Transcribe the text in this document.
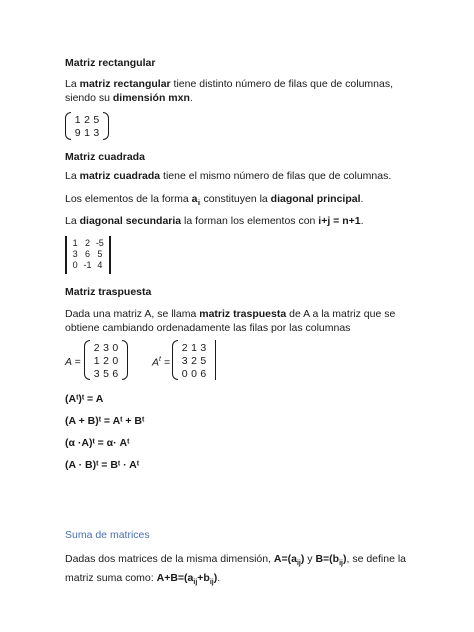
Matriz rectangular
La matriz rectangular tiene distinto número de filas que de columnas, siendo su dimensión mxn.
1 2 5
9 1 3
Matriz cuadrada
La matriz cuadrada tiene el mismo número de filas que de columnas.
Los elementos de la forma $a_{ii}$ constituyen la diagonal principal.
La diagonal secundaria la forman los elementos con i+j = n+1.
1 2 -5
3 6 5
0 -1 4
Matriz traspuesta
Dada una matriz A, se llama matriz traspuesta de A a la matriz que se obtiene cambiando ordenadamente las filas por las columnas
A =
2 3 0
1 2 0
3 5 6
$A^t$ =
2 1 3
3 2 5
0 0 6
(Aᵗ)ᵗ = A
(A + B)ᵗ = Aᵗ + Bᵗ
(α ·A)ᵗ = α· Aᵗ
(A · B)ᵗ = Bᵗ · Aᵗ
Suma de matrices
Dadas dos matrices de la misma dimensión, $A=(a_{ij})$ y $B=(b_{ij})$, se define la matriz suma como: $A+B=(a_{ij}+b_{ij})$.
